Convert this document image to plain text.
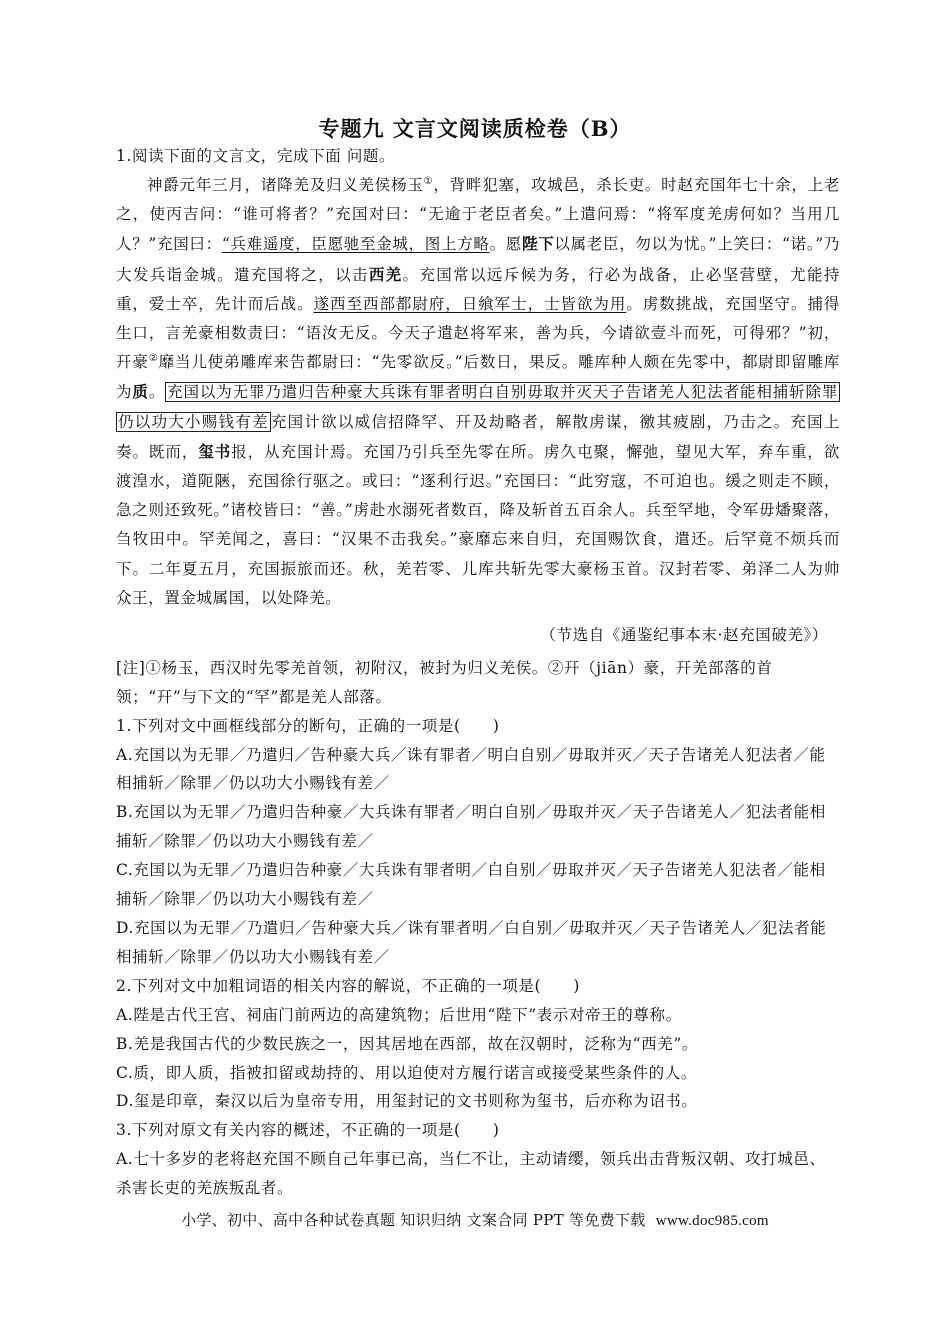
专题九 文言文阅读质检卷（B）

1.阅读下面的文言文，完成下面 问题。

神爵元年三月，诸降羌及归义羌侯杨玉①，背畔犯塞，攻城邑，杀长吏。时赵充国年七十余，上老之，使丙吉问：“谁可将者？”充国对曰：“无逾于老臣者矣。”上遣问焉：“将军度羌虏何如？当用几人？”充国曰：“兵难遥度，臣愿驰至金城，图上方略。愿陛下以属老臣，勿以为忧。”上笑曰：“诺。”乃大发兵诣金城。遣充国将之，以击西羌。充国常以远斥候为务，行必为战备，止必坚营壁，尤能持重，爱士卒，先计而后战。遂西至西部都尉府，日飨军士，士皆欲为用。虏数挑战，充国坚守。捕得生口，言羌豪相数责曰：“语汝无反。今天子遣赵将军来，善为兵，今请欲壹斗而死，可得邪？”初，幵豪②靡当儿使弟雕库来告都尉曰：“先零欲反。”后数日，果反。雕库种人颇在先零中，都尉即留雕库为质。 充国以为无罪乃遣归告种豪大兵诛有罪者明白自别毋取并灭天子告诸羌人犯法者能相捕斩除罪仍以功大小赐钱有差 充国计欲以威信招降罕、幵及劫略者，解散虏谋，徼其疲剧，乃击之。充国上奏。既而，玺书报，从充国计焉。充国乃引兵至先零在所。虏久屯聚，懈弛，望见大军，弃车重，欲渡湟水，道阨陿，充国徐行驱之。或曰：“逐利行迟。”充国曰：“此穷寇，不可迫也。缓之则走不顾，急之则还致死。”诸校皆曰：“善。”虏赴水溺死者数百，降及斩首五百余人。兵至罕地，令军毋燔聚落，刍牧田中。罕羌闻之，喜曰：“汉果不击我矣。”豪靡忘来自归，充国赐饮食，遣还。后罕竟不烦兵而下。二年夏五月，充国振旅而还。秋，羌若零、儿库共斩先零大豪杨玉首。汉封若零、弟泽二人为帅众王，置金城属国，以处降羌。

（节选自《通鉴纪事本末·赵充国破羌》）

[注]①杨玉，西汉时先零羌首领，初附汉，被封为归义羌侯。②幵（jiān）豪，幵羌部落的首领；“幵”与下文的“罕”都是羌人部落。

1.下列对文中画框线部分的断句，正确的一项是(　　)

A.充国以为无罪／乃遣归／告种豪大兵／诛有罪者／明白自别／毋取并灭／天子告诸羌人犯法者／能相捕斩／除罪／仍以功大小赐钱有差／

B.充国以为无罪／乃遣归告种豪／大兵诛有罪者／明白自别／毋取并灭／天子告诸羌人／犯法者能相捕斩／除罪／仍以功大小赐钱有差／

C.充国以为无罪／乃遣归告种豪／大兵诛有罪者明／白自别／毋取并灭／天子告诸羌人犯法者／能相捕斩／除罪／仍以功大小赐钱有差／

D.充国以为无罪／乃遣归／告种豪大兵／诛有罪者明／白自别／毋取并灭／天子告诸羌人／犯法者能相捕斩／除罪／仍以功大小赐钱有差／

2.下列对文中加粗词语的相关内容的解说，不正确的一项是(　　)

A.陛是古代王宫、祠庙门前两边的高建筑物；后世用“陛下”表示对帝王的尊称。

B.羌是我国古代的少数民族之一，因其居地在西部，故在汉朝时，泛称为“西羌”。

C.质，即人质，指被扣留或劫持的、用以迫使对方履行诺言或接受某些条件的人。

D.玺是印章，秦汉以后为皇帝专用，用玺封记的文书则称为玺书，后亦称为诏书。

3.下列对原文有关内容的概述，不正确的一项是(　　)

A.七十多岁的老将赵充国不顾自己年事已高，当仁不让，主动请缨，领兵出击背叛汉朝、攻打城邑、杀害长吏的羌族叛乱者。

小学、初中、高中各种试卷真题 知识归纳 文案合同 PPT 等免费下载 www.doc985.com
